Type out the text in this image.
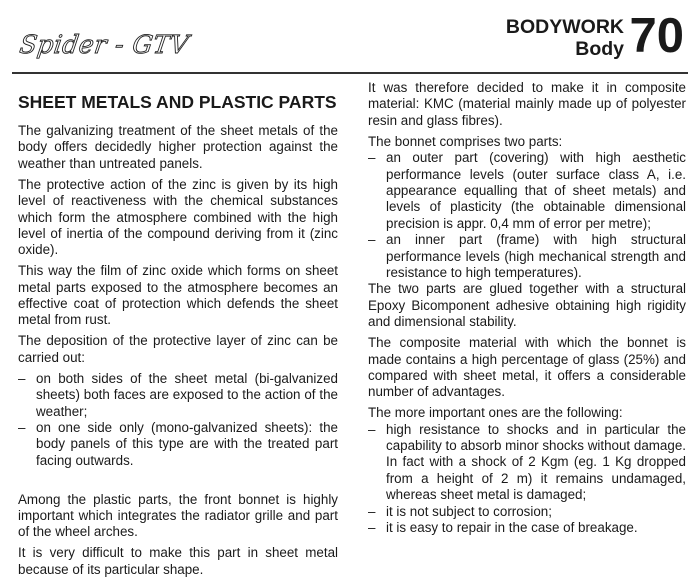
Spider - GTV
BODYWORK
Body 70
SHEET METALS AND PLASTIC PARTS

The galvanizing treatment of the sheet metals of the body offers decidedly higher protection against the weather than untreated panels.

The protective action of the zinc is given by its high level of reactiveness with the chemical substances which form the atmosphere combined with the high level of inertia of the compound deriving from it (zinc oxide).

This way the film of zinc oxide which forms on sheet metal parts exposed to the atmosphere becomes an effective coat of protection which defends the sheet metal from rust.

The deposition of the protective layer of zinc can be carried out:

– on both sides of the sheet metal (bi-galvanized sheets) both faces are exposed to the action of the weather;
– on one side only (mono-galvanized sheets): the body panels of this type are with the treated part facing outwards.

Among the plastic parts, the front bonnet is highly important which integrates the radiator grille and part of the wheel arches.

It is very difficult to make this part in sheet metal because of its particular shape.

It was therefore decided to make it in composite material: KMC (material mainly made up of polyester resin and glass fibres).

The bonnet comprises two parts:

– an outer part (covering) with high aesthetic performance levels (outer surface class A, i.e. appearance equalling that of sheet metals) and levels of plasticity (the obtainable dimensional precision is appr. 0,4 mm of error per metre);
– an inner part (frame) with high structural performance levels (high mechanical strength and resistance to high temperatures).

The two parts are glued together with a structural Epoxy Bicomponent adhesive obtaining high rigidity and dimensional stability.

The composite material with which the bonnet is made contains a high percentage of glass (25%) and compared with sheet metal, it offers a considerable number of advantages.

The more important ones are the following:

– high resistance to shocks and in particular the capability to absorb minor shocks without damage. In fact with a shock of 2 Kgm (eg. 1 Kg dropped from a height of 2 m) it remains undamaged, whereas sheet metal is damaged;
– it is not subject to corrosion;
– it is easy to repair in the case of breakage.
